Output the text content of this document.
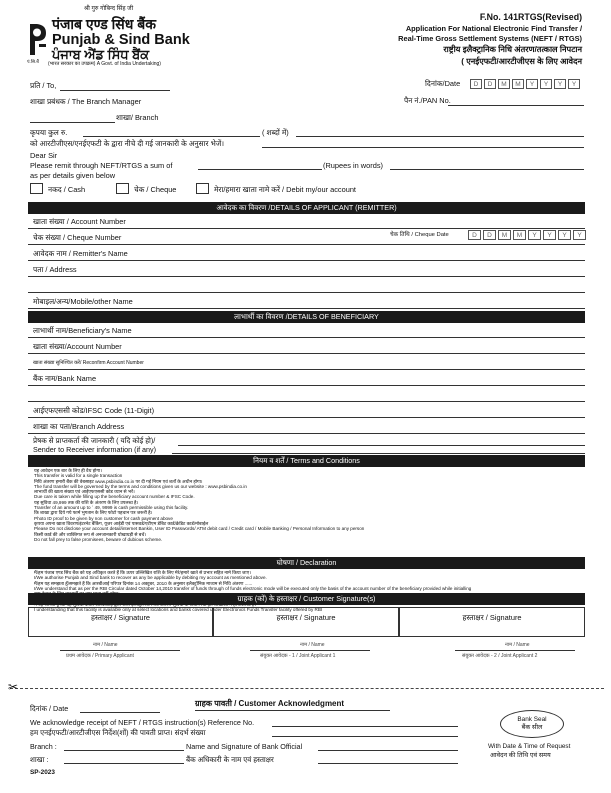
श्री गुरु गोबिन्द सिंह जी
पं.सि.बैं
पंजाब एण्ड सिंध बैंक
Punjab & Sind Bank
ਪੰਜਾਬ ਐਂਡ ਸਿੰਧ ਬੈਂਕ
(भारत सरकार का उपक्रम) A Govt. of India Undertaking)
F.No. 141RTGS(Revised)
Application For National Electronic Find Transfer /
Real-Time Gross Settlement Systems (NEFT / RTGS)
राष्ट्रीय इलैक्ट्रानिक निधि अंतरण/तत्काल निपटान
( एनईएफटी/आरटीजीएस के लिए आवेदन
दिनांक/Date	D	D	M	M	Y	Y	Y	Y
प्रति / To,
पैन नं./PAN No.
शाखा प्रबंधक / The Branch Manager
शाखा/ Branch
कृपया कुल रु.	( शब्दों में)
को आरटीजीएस/एनईएफटी के द्वारा नीचे दी गई जानकारी के अनुसार भेजें।
Dear Sir
Please remit through NEFT/RTGS a sum of	(Rupees in words)
as per details given below
नकद / Cash	चेक / Cheque	मेरा/हमारा खाता नामे करें / Debit my/our account
आवेदक का विवरण /DETAILS OF APPLICANT (REMITTER)
खाता संख्या / Account Number
चेक संख्या / Cheque Number	चेक तिथि / Cheque Date	D	D	M	M	Y	Y	Y	Y
आवेदक नाम / Remitter's Name
पता / Address
मोबाइल/अन्य/Mobile/other Name
लाभार्थी का विवरण /DETAILS OF BENEFICIARY
लाभार्थी नाम/Beneficiary's Name
खाता संख्या/Account Number
खाता संख्या सुनिश्चित करें/ Reconfirm Account Number
बैंक नाम/Bank Name
आईएफएससी कोड/IFSC Code (11-Digit)
शाखा का पता/Branch Address
प्रेषक से प्राप्तकर्ता की जानकारी ( यदि कोई हो)/
Sender to Receiver information (if any)
नियम व शर्तें / Terms and Conditions
यह आवेदन एक बार के लिए ही वैध होगा।
This transfer is valid for a single transaction
निधि अंतरण हमारी बैंक की वेबसाइट www.psbindia.co.in पर दी गई नियम एवं शर्तों के अधीन होगा।
The fund transfer will be governed by the terms and conditions given us our website : www.psbindia.co.in
लाभार्थी की खाता संख्या एवं आईएफएससी कोड ध्यान से भरें।
Due care is taken while filling up the beneficiary account number & IFSC Code.
यह सुविधा 49,999 तक की राशि के अंतरण के लिए उपलब्ध है।
Transfer of an amount up to ` 49, 9999 is cash permissible using this facility.
कि शाखा द्वारा दिये गये फार्म भुगतान के लिए फोटो पहचान पत्र जरूरी है।
Photo ID proof to be given by non customer for cash payment above
कृपया अपना खाता विवरण/इंटरनेट बैंकिंग, यूजर आईडी एवं पासवर्ड/एटीएम डेबिट कार्ड/क्रेडिट कार्ड/मोबाईल
Please Do not disclose your account detail/internet Bankin, User ID Passwords/ ATM debit card / Credit card / Mobile Banking / Personal Information to any person
किसी कार्ड की और व्यक्तिगत रूप से अनजानकारी धोखाधड़ी से बचें।
Do not fall prey to false promisees, beware of dubious scheme.
घोषणा / Declaration
मैं/हम पंजाब एण्ड सिंध बैंक को यह अधिकृत करते हैं कि ऊपर उल्लिखित राशि के लिए मेरे/हमारे खाते से प्रभार सहित नामे किया जाए।
I/We authorise Punjab and Sind bank to recover as any be applicable by debiting my account as mentioned above.
मैं/हम यह समझता हूँ/समझते हैं कि आरबीआई परिपत्र दिनांक 14 अक्टूबर, 2010 के अनुसार इलैक्ट्रॉनिक माध्यम से निधि अंतरण ......
I/We understand that as per the RBI Circular dated October 14,2010 transfer of funds through of funds electronic mode will be executed only the basis of the account number of the beneficiary provided while initialling
I understanding that this facility is available only at select locations and banks covered under Electronics Funds Transfer facility offered by RBI
ग्राहक (कों) के हस्ताक्षर / Customer Signature(s)
हस्ताक्षर / Signature	हस्ताक्षर / Signature	हस्ताक्षर / Signature
नाम / Name
प्रथम आवेदक / Primary Applicant
नाम / Name
संयुक्त आवेदक - 1 / Joint Applicant 1
नाम / Name
संयुक्त आवेदक - 2 / Joint Applicant 2
✂
ग्राहक पावती / Customer Acknowledgment
दिनांक / Date
We acknowledge receipt of NEFT / RTGS instruction(s) Reference No.
हम एनईएफटी/आरटीजीएस निर्देश(शों) की पावती प्राप्त। संदर्भ संख्या
Branch :	Name and Signature of Bank Official
शाखा :	बैंक अधिकारी के नाम एवं हस्ताक्षर
Bank Seal
बैंक सील
With Date & Time of Request
आवेदन की तिथि एवं समय
SP-2023
